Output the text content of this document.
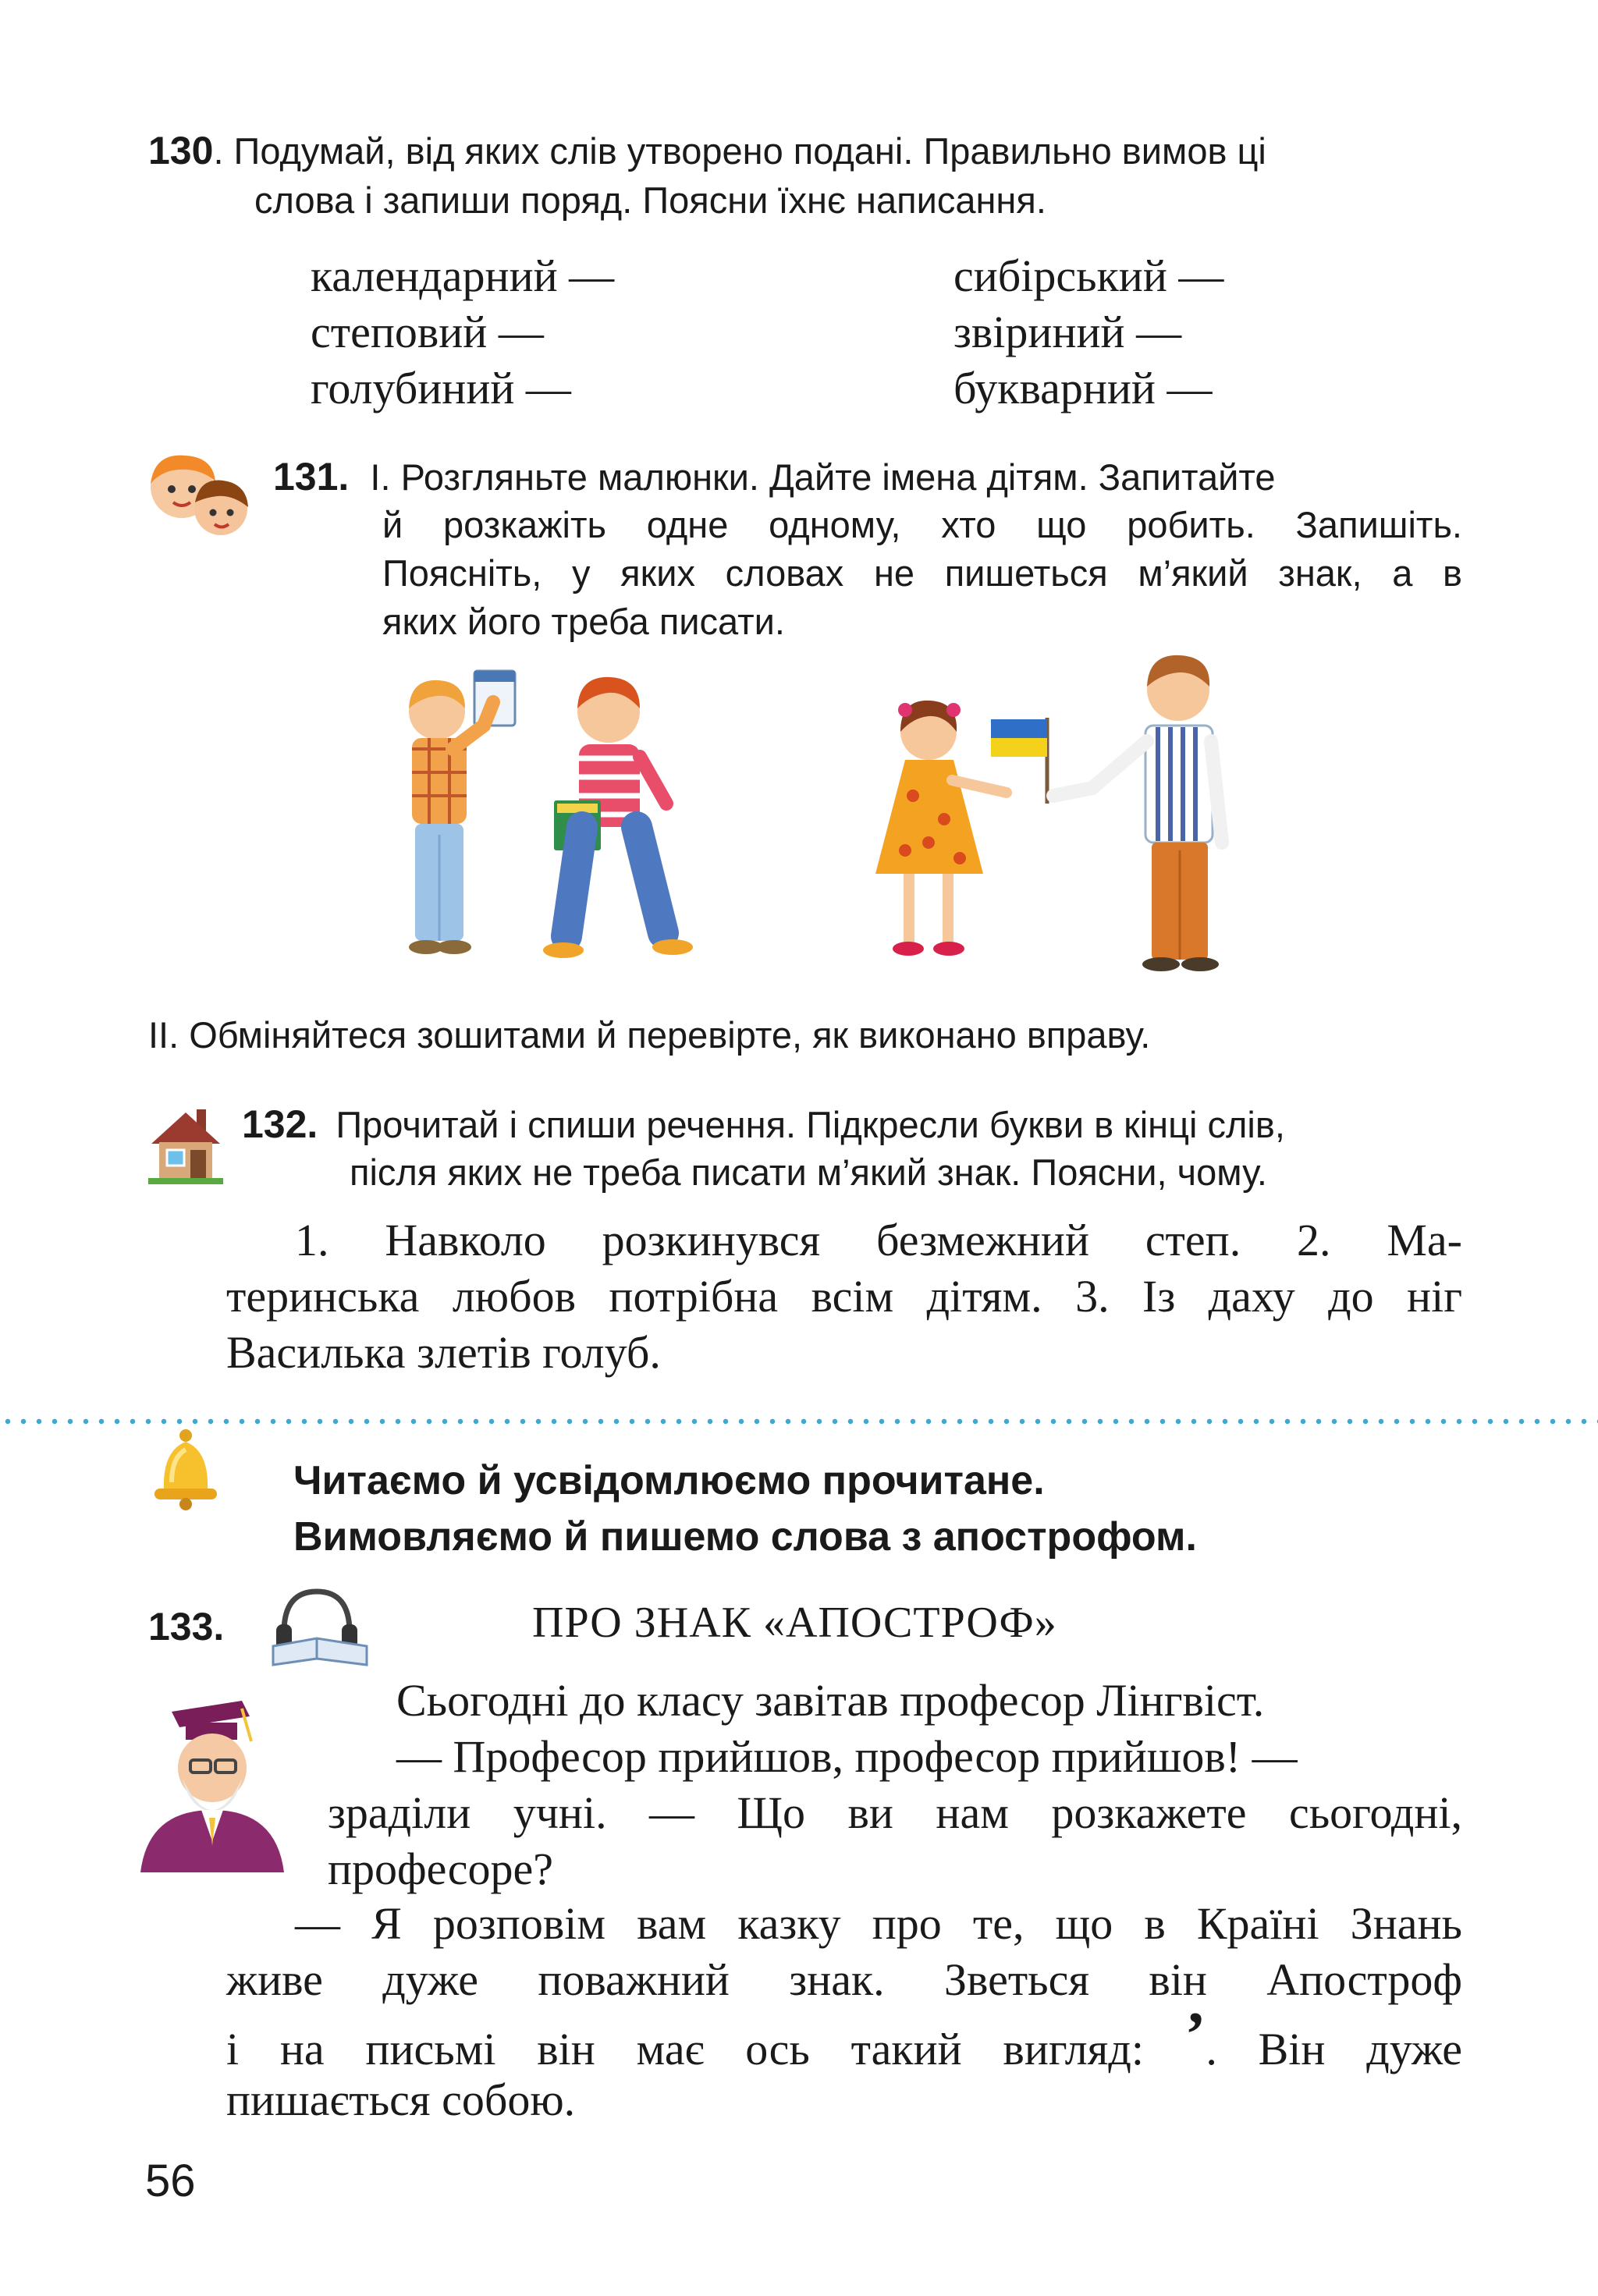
130. Подумай, від яких слів утворено подані. Правильно вимов ці
слова і запиши поряд. Поясни їхнє написання.
календарний —
степовий —
голубиний —
сибірський —
звіриний —
букварний —
131. І. Розгляньте малюнки. Дайте імена дітям. Запитайте
й розкажіть одне одному, хто що робить. Запишіть.
Поясніть, у яких словах не пишеться м’який знак, а в
яких його треба писати.
ІІ. Обміняйтеся зошитами й перевірте, як виконано вправу.
132. Прочитай і спиши речення. Підкресли букви в кінці слів,
після яких не треба писати м’який знак. Поясни, чому.
1. Навколо розкинувся безмежний степ. 2. Ма-
теринська любов потрібна всім дітям. 3. Із даху до ніг
Василька злетів голуб.
Читаємо й усвідомлюємо прочитане.
Вимовляємо й пишемо слова з апострофом.
133.	ПРО ЗНАК «АПОСТРОФ»
Сьогодні до класу завітав професор Лінгвіст.
— Професор прийшов, професор прийшов! —
зраділи учні. — Що ви нам розкажете сьогодні,
професоре?
— Я розповім вам казку про те, що в Країні Знань
живе дуже поважний знак. Зветься він Апостроф
і на письмі він має ось такий вигляд: ’. Він дуже
пишається собою.
56
